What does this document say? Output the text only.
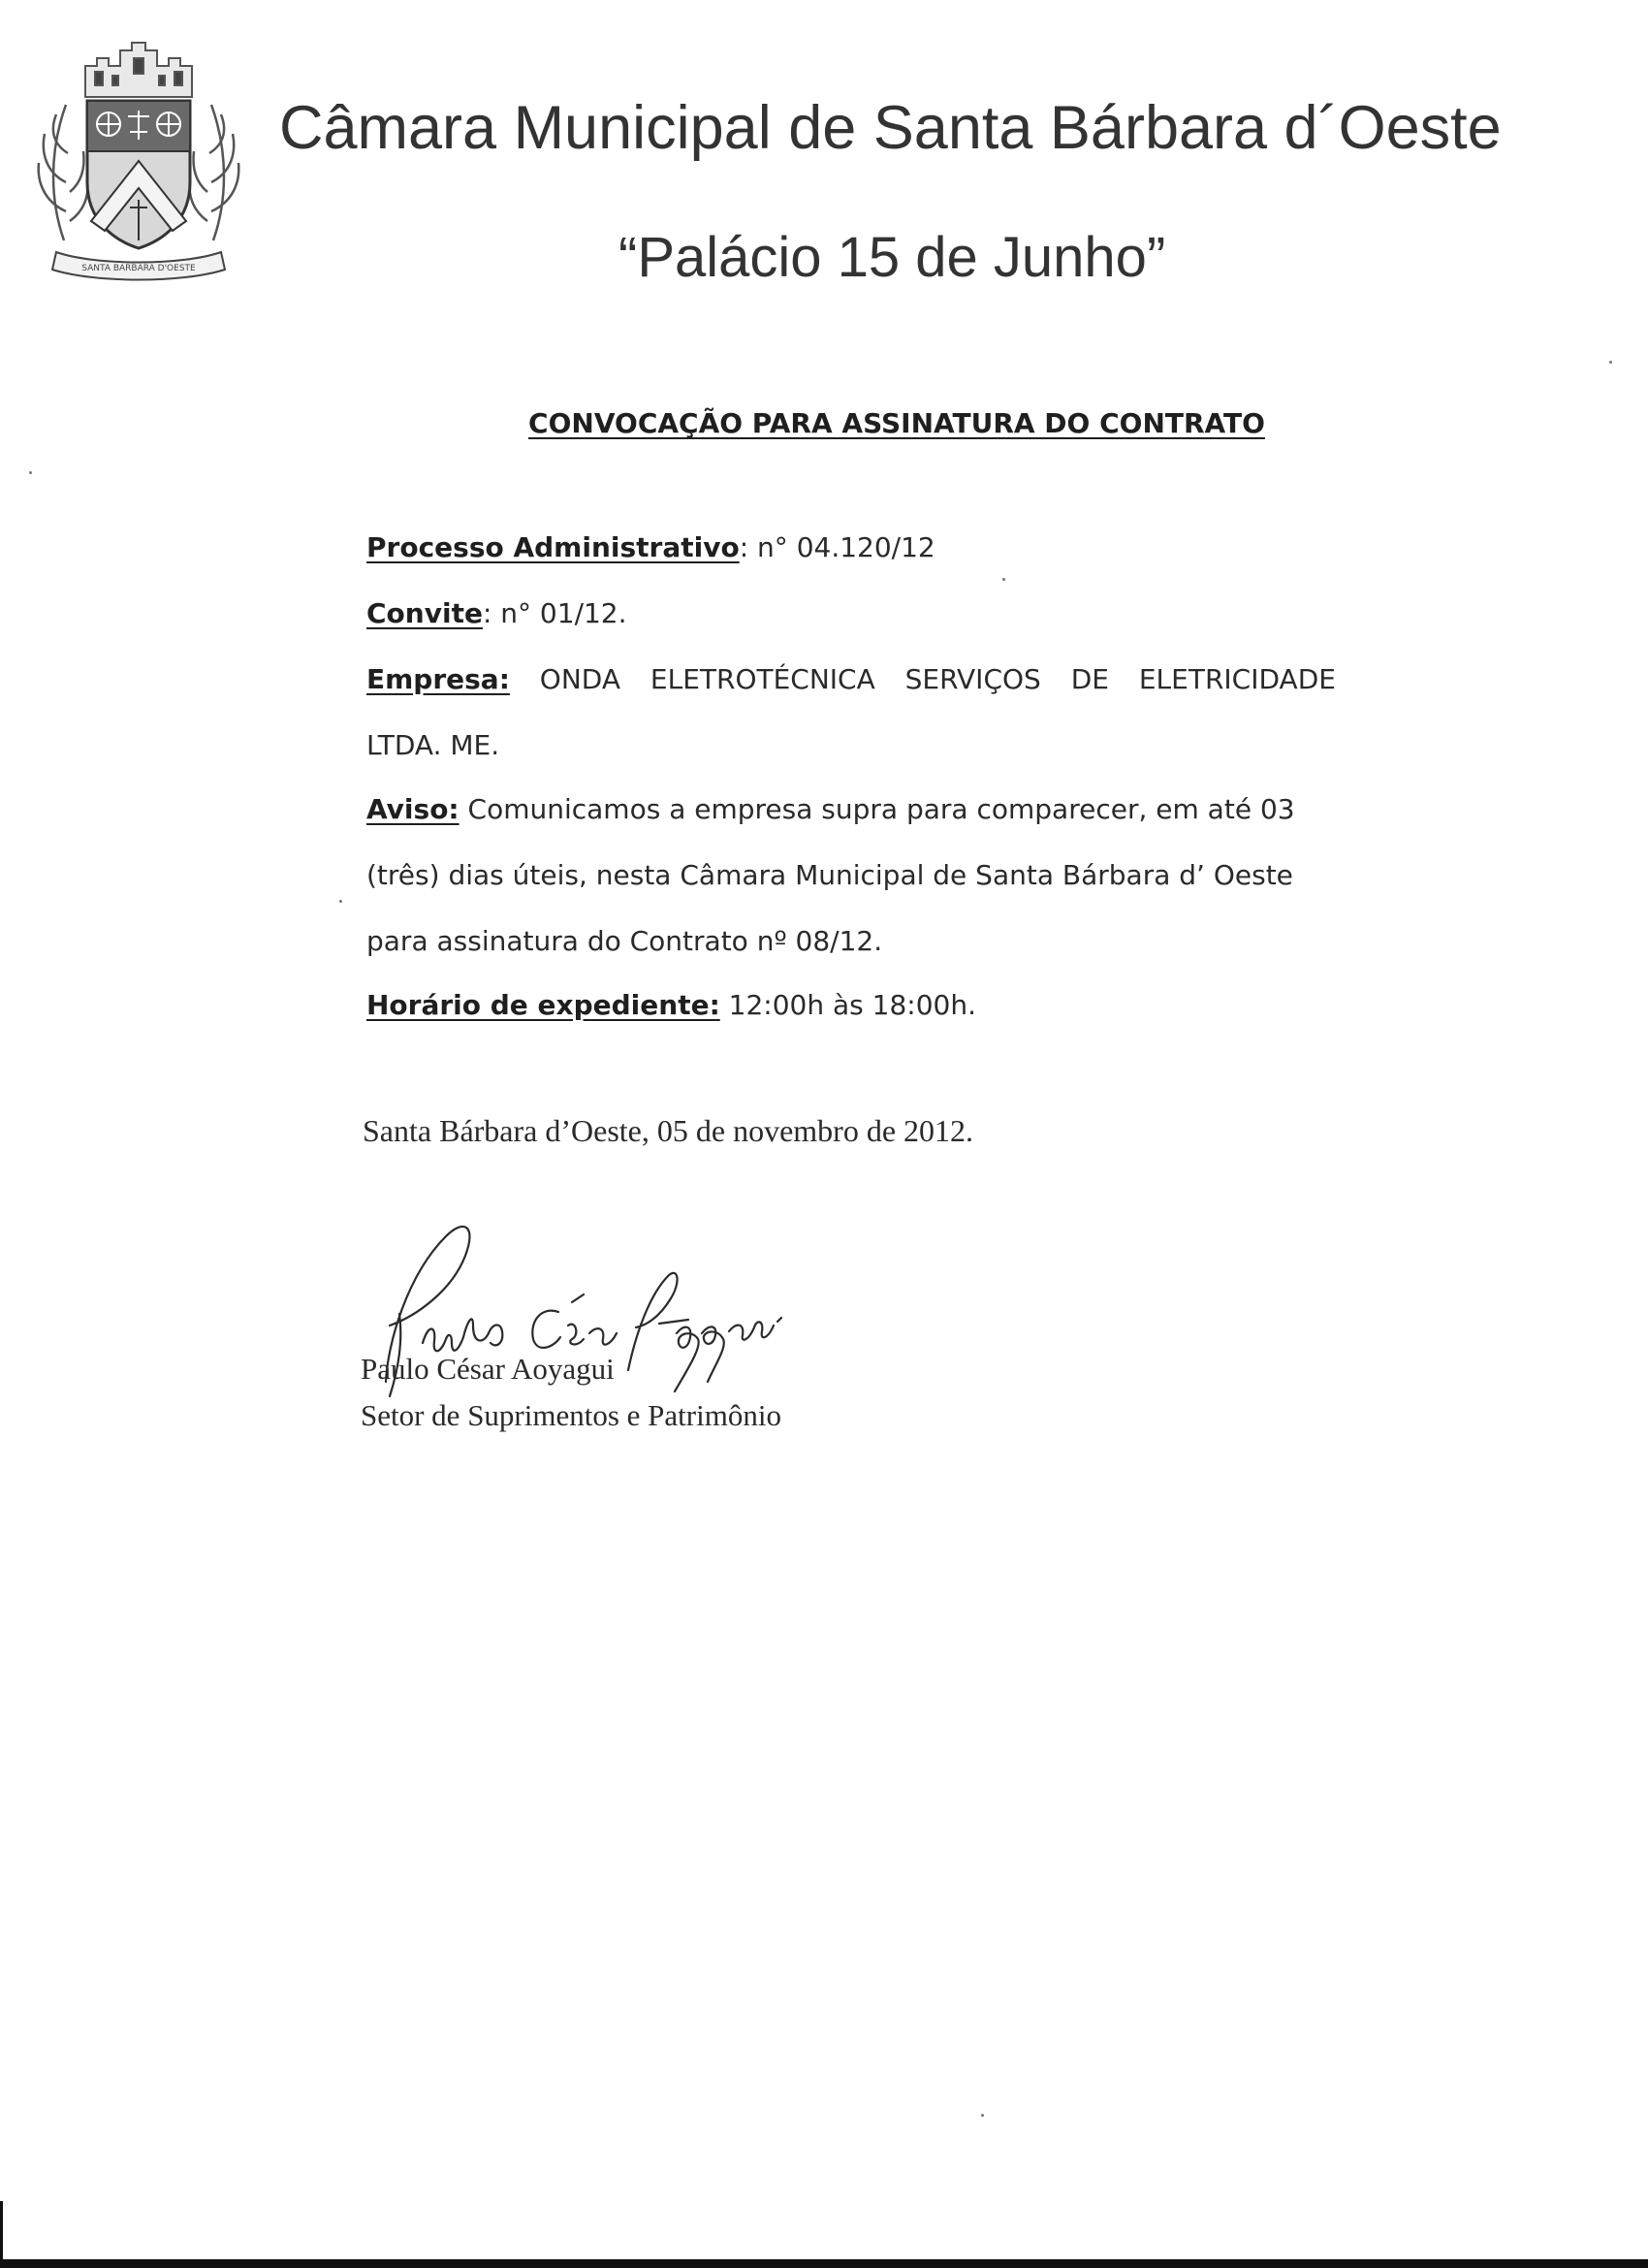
SANTA BARBARA D'OESTE
Câmara Municipal de Santa Bárbara d´Oeste
“Palácio 15 de Junho”
CONVOCAÇÃO PARA ASSINATURA DO CONTRATO
Processo Administrativo: n° 04.120/12
Convite: n° 01/12.
Empresa: ONDA ELETROTÉCNICA SERVIÇOS DE ELETRICIDADE
LTDA. ME.
Aviso: Comunicamos a empresa supra para comparecer, em até 03
(três) dias úteis, nesta Câmara Municipal de Santa Bárbara d’ Oeste
para assinatura do Contrato nº 08/12.
Horário de expediente: 12:00h às 18:00h.
Santa Bárbara d’Oeste, 05 de novembro de 2012.
Paulo César Aoyagui
Setor de Suprimentos e Patrimônio
